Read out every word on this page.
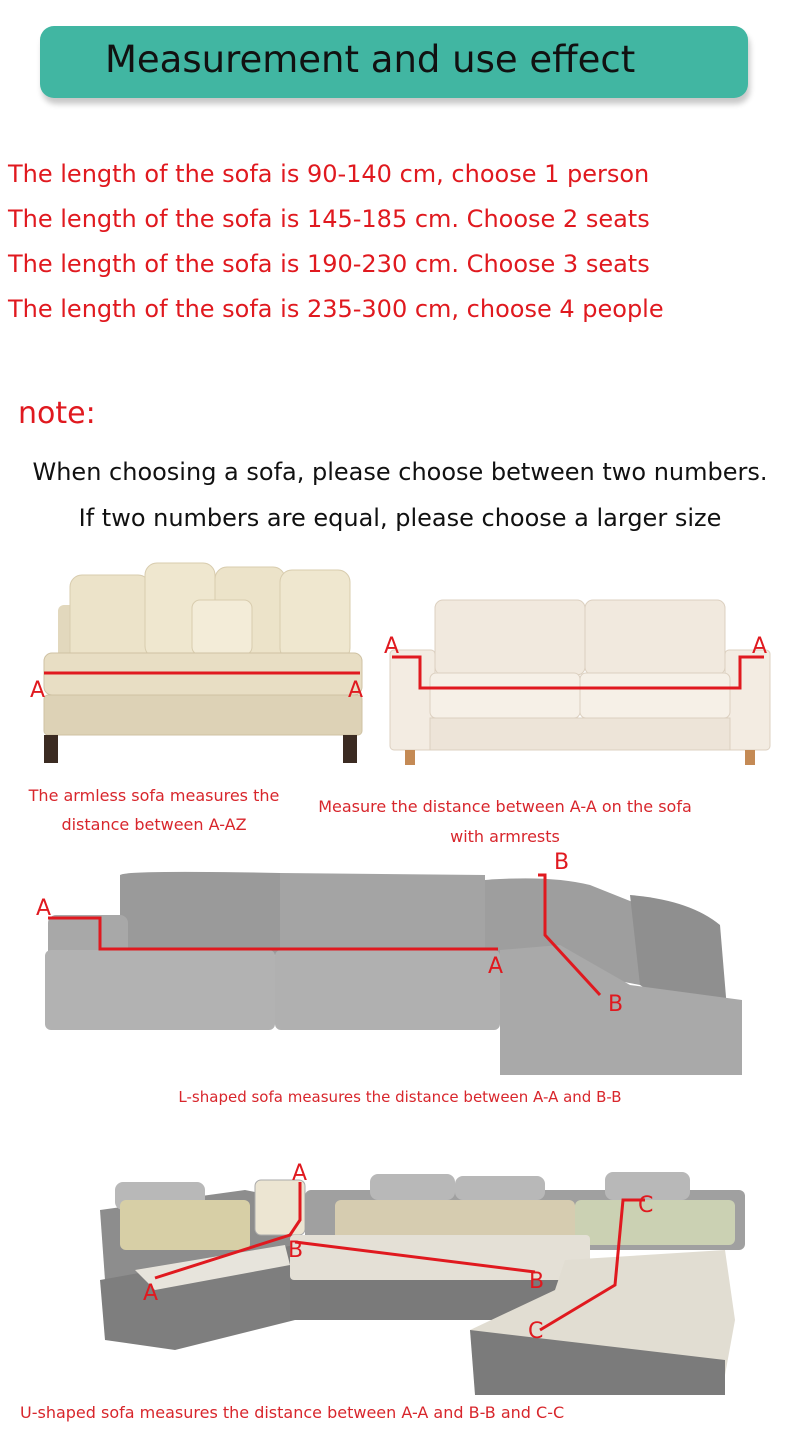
Measurement and use effect
The length of the sofa is 90-140 cm, choose 1 person
The length of the sofa is 145-185 cm. Choose 2 seats
The length of the sofa is 190-230 cm. Choose 3 seats
The length of the sofa is 235-300 cm, choose 4 people
note:
When choosing a sofa, please choose between two numbers.
If two numbers are equal, please choose a larger size
A	A
A	A
The armless sofa measures the
distance between A-AZ
Measure the distance between A-A on the sofa
with armrests
A
A
B
B
L-shaped sofa measures the distance between A-A and B-B
A
A
B
B
C
C
U-shaped sofa measures the distance between A-A and B-B and C-C
